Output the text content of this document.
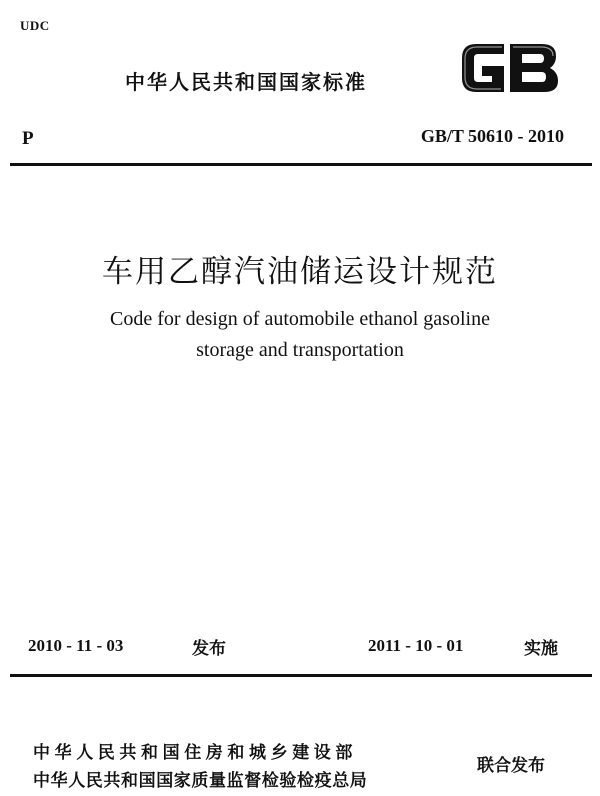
UDC
中华人民共和国国家标准
P	GB/T 50610 - 2010
车用乙醇汽油储运设计规范
Code for design of automobile ethanol gasoline
storage and transportation
2010 - 11 - 03	发布	2011 - 10 - 01	实施
中华人民共和国住房和城乡建设部
中华人民共和国国家质量监督检验检疫总局
联合发布
